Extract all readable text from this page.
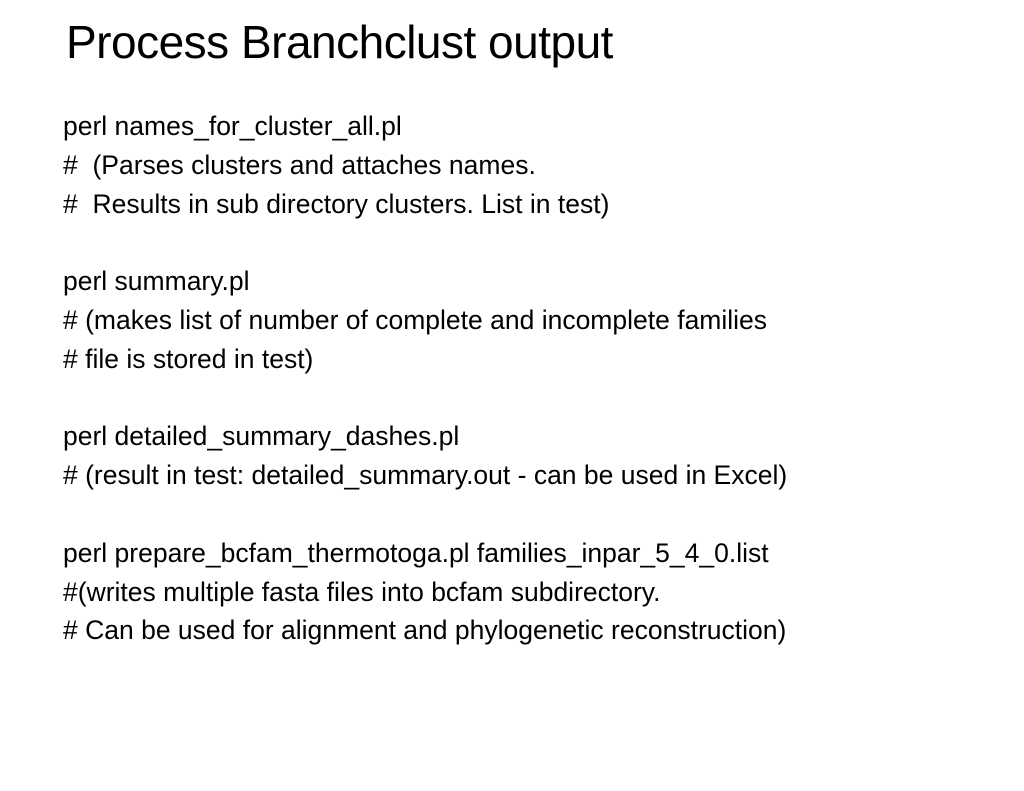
Process Branchclust output
perl names_for_cluster_all.pl
#  (Parses clusters and attaches names.
#  Results in sub directory clusters. List in test)
perl summary.pl
# (makes list of number of complete and incomplete families
# file is stored in test)
perl detailed_summary_dashes.pl
# (result in test: detailed_summary.out - can be used in Excel)
perl prepare_bcfam_thermotoga.pl families_inpar_5_4_0.list
#(writes multiple fasta files into bcfam subdirectory.
# Can be used for alignment and phylogenetic reconstruction)
